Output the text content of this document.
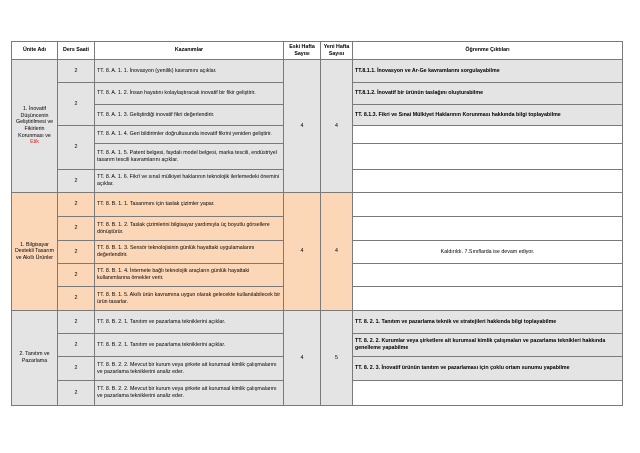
Ünite Adı	Ders Saati	Kazanımlar	Eski Hafta Sayısı	Yeni Hafta Sayısı	Öğrenme Çıktıları
1. İnovatif Düşüncenin Geliştirilmesi ve Fikirlerin Korunması ve Etik	2	TT. 8. A. 1. 1. İnovasyon (yenilik) kavramını açıklar.	4	4	TT.8.1.1. İnovasyon ve Ar-Ge kavramlarını sorgulayabilme
	2	TT. 8. A. 1. 2. İnsan hayatını kolaylaştıracak inovatif bir fikir geliştirir.			TT.8.1.2. İnovatif bir ürünün taslağını oluşturabilme
		TT. 8. A. 1. 3. Geliştirdiği inovatif fikri değerlendirir.			TT. 8.1.3. Fikri ve Sınai Mülkiyet Haklarının Korunması hakkında bilgi toplayabilme
	2	TT. 8. A. 1. 4. Geri bildirimler doğrultusunda inovatif fikrini yeniden geliştirir.			
		TT. 8. A. 1. 5. Patent belgesi, faydalı model belgesi, marka tescili, endüstriyel tasarım tescili kavramlarını açıklar.			
	2	TT. 8. A. 1. 6. Fikrî ve sınaî mülkiyet haklarının teknolojik ilerlemedeki önemini açıklar.			
1. Bilgisayar Destekli Tasarım ve Akıllı Ürünler	2	TT. 8. B. 1. 1. Tasarımını için taslak çizimler yapar.	4	4	
	2	TT. 8. B. 1. 2. Taslak çizimlerini bilgisayar yardımıyla üç boyutlu görsellere dönüştürür.			
	2	TT. 8. B. 1. 3. Sensör teknolojisinin günlük hayattaki uygulamalarını değerlendirir.			Kaldırıldı. 7.Sınıflarda ise devam ediyor.
	2	TT. 8. B. 1. 4. İnternete bağlı teknolojik araçların günlük hayattaki kullanımlarına örnekler verir.			
	2	TT. 8. B. 1. 5. Akıllı ürün kavramına uygun olarak gelecekte kullanılabilecek bir ürün tasarlar.			
2. Tanıtım ve Pazarlama	2	TT. 8. B. 2. 1. Tanıtım ve pazarlama tekniklerini açıklar.	4	5	TT. 8. 2. 1. Tanıtım ve pazarlama teknik ve stratejileri hakkında bilgi toplayabilme
	2	TT. 8. B. 2. 1. Tanıtım ve pazarlama tekniklerini açıklar.			TT. 8. 2. 2. Kurumlar veya şirketlere ait kurumsal kimlik çalışmaları ve pazarlama teknikleri hakkında genelleme yapabilme
	2	TT. 8. B. 2. 2. Mevcut bir kurum veya şirkete ait kurumsal kimlik çalışmalarını ve pazarlama tekniklerini analiz eder.			TT. 8. 2. 3. İnovatif ürünün tanıtım ve pazarlaması için çoklu ortam sunumu yapabilme
	2	TT. 8. B. 2. 2. Mevcut bir kurum veya şirkete ait kurumsal kimlik çalışmalarını ve pazarlama tekniklerini analiz eder.			
